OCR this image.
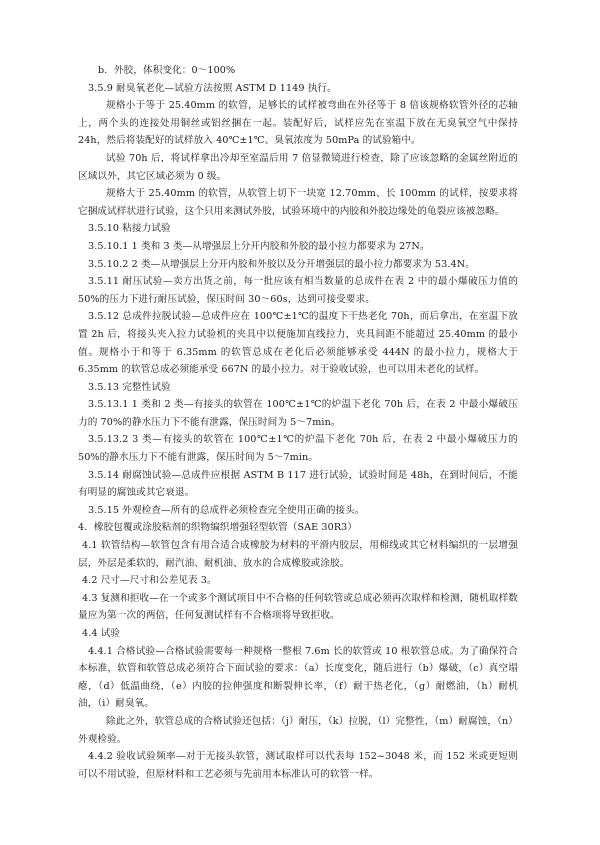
b．外胶，体积变化：0～100%

3.5.9 耐臭氧老化—试验方法按照 ASTM D 1149 执行。

规格小于等于 25.40mm 的软管，足够长的试样被弯曲在外径等于 8 倍该规格软管外径的芯轴上，两个头的连接处用铜丝或铝丝捆在一起。装配好后，试样应先在室温下放在无臭氧空气中保持 24h，然后将装配好的试样放入 40℃±1℃、臭氧浓度为 50mPa 的试验箱中。

试验 70h 后，将试样拿出冷却至室温后用 7 倍显微镜进行检查，除了应该忽略的金属丝附近的区域以外，其它区域必须为 0 级。

规格大于 25.40mm 的软管，从软管上切下一块宽 12.70mm、长 100mm 的试样，按要求将它捆成试样状进行试验，这个只用来测试外胶，试验环境中的内胶和外胶边缘处的龟裂应该被忽略。

3.5.10 粘接力试验

3.5.10.1 1 类和 3 类—从增强层上分开内胶和外胶的最小拉力都要求为 27N。

3.5.10.2 2 类—从增强层上分开内胶和外胶以及分开增强层的最小拉力都要求为 53.4N。

3.5.11 耐压试验—卖方出货之前，每一批应该有相当数量的总成件在表 2 中的最小爆破压力值的 50%的压力下进行耐压试验，保压时间 30～60s，达到可接受要求。

3.5.12 总成件拉脱试验—总成件应在 100℃±1℃的温度下干热老化 70h，而后拿出，在室温下放置 2h 后，将接头夹入拉力试验机的夹具中以便施加直线拉力，夹具间距不能超过 25.40mm 的最小值。规格小于和等于 6.35mm 的软管总成在老化后必须能够承受 444N 的最小拉力，规格大于 6.35mm 的软管总成必须能承受 667N 的最小拉力。对于验收试验，也可以用未老化的试样。

3.5.13 完整性试验

3.5.13.1 1 类和 2 类—有接头的软管在 100℃±1℃的炉温下老化 70h 后，在表 2 中最小爆破压力的 70%的静水压力下不能有泄露，保压时间为 5～7min。

3.5.13.2 3 类—有接头的软管在 100℃±1℃的炉温下老化 70h 后，在表 2 中最小爆破压力的 50%的静水压力下不能有泄露，保压时间为 5～7min。

3.5.14 耐腐蚀试验—总成件应根据 ASTM B 117 进行试验，试验时间是 48h，在到时间后，不能有明显的腐蚀或其它衰退。

3.5.15 外观检查—所有的总成件必须检查完全使用正确的接头。

4．橡胶包覆或涂胶粘剂的织物编织增强轻型软管（SAE 30R3）

4.1 软管结构—软管包含有用合适合成橡胶为材料的平滑内胶层，用棉线或其它材料编织的一层增强层，外层是柔软的，耐汽油、耐机油、放水的合成橡胶或涂胶。

4.2 尺寸—尺寸和公差见表 3。

4.3 复测和拒收—在一个或多个测试项目中不合格的任何软管或总成必须再次取样和检测，随机取样数量应为第一次的两倍，任何复测试样有不合格项将导致拒收。

4.4 试验

4.4.1 合格试验—合格试验需要每一种规格一整根 7.6m 长的软管或 10 根软管总成。为了确保符合本标准，软管和软管总成必须符合下面试验的要求：（a）长度变化，随后进行（b）爆破，（c）真空塌瘪，（d）低温曲绕，（e）内胶的拉伸强度和断裂伸长率，（f）耐干热老化，（g）耐燃油，（h）耐机油，（i）耐臭氧。

除此之外，软管总成的合格试验还包括：（j）耐压，（k）拉脱，（l）完整性，（m）耐腐蚀，（n）外观检验。

4.4.2 验收试验频率—对于无接头软管，测试取样可以代表每 152~3048 米，而 152 米或更短则可以不用试验，但原材料和工艺必须与先前用本标准认可的软管一样。
